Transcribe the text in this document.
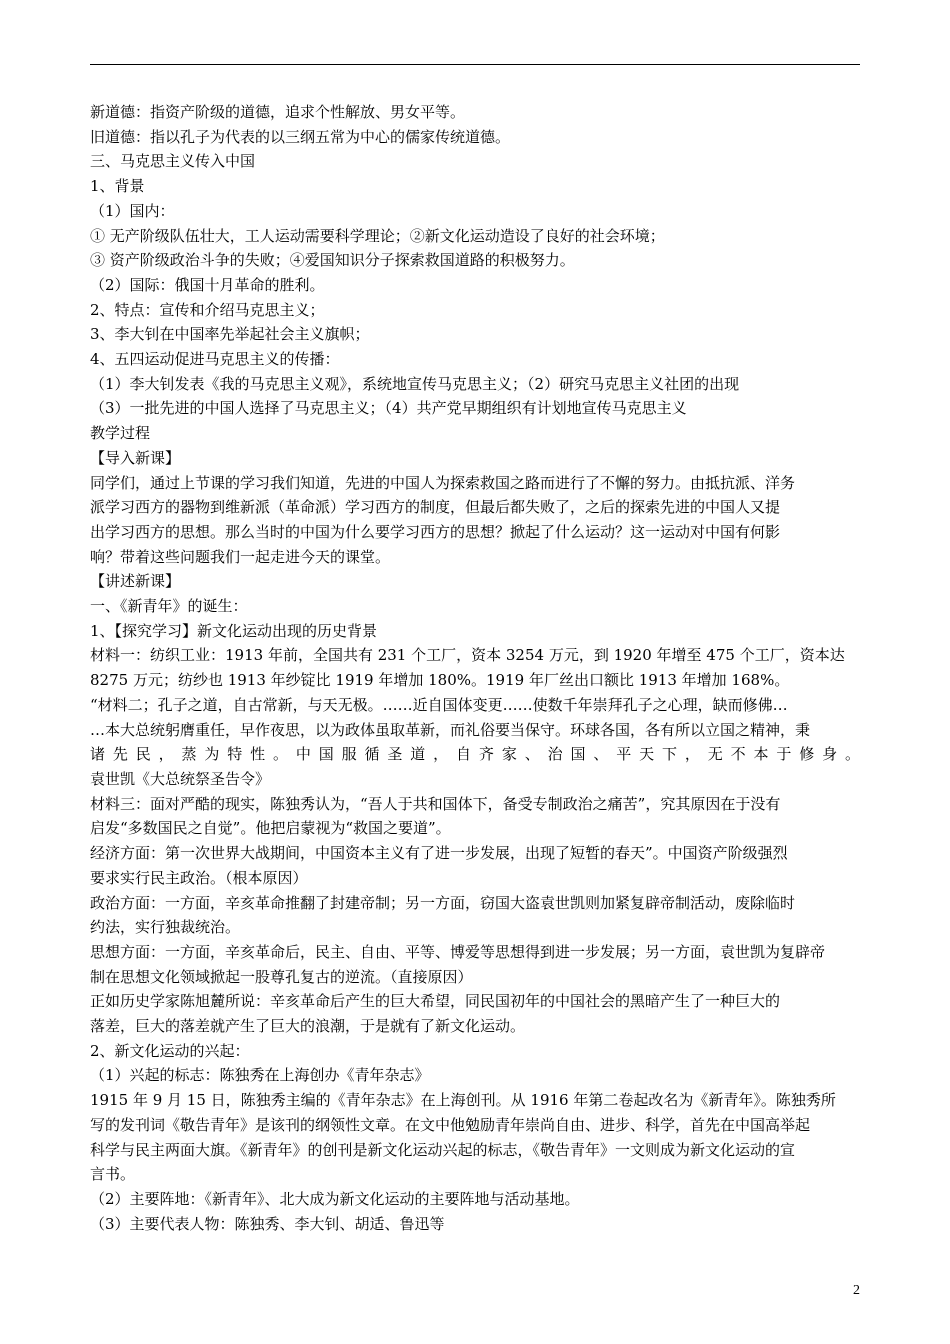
新道德：指资产阶级的道德，追求个性解放、男女平等。

旧道德：指以孔子为代表的以三纲五常为中心的儒家传统道德。

三、马克思主义传入中国

1、背景

（1）国内：

① 无产阶级队伍壮大，工人运动需要科学理论；②新文化运动造设了良好的社会环境；

③ 资产阶级政治斗争的失败；④爱国知识分子探索救国道路的积极努力。

（2）国际：俄国十月革命的胜利。

2、特点：宣传和介绍马克思主义；

3、李大钊在中国率先举起社会主义旗帜；

4、五四运动促进马克思主义的传播：

（1）李大钊发表《我的马克思主义观》，系统地宣传马克思主义；（2）研究马克思主义社团的出现

（3）一批先进的中国人选择了马克思主义；（4）共产党早期组织有计划地宣传马克思主义

教学过程

【导入新课】

同学们，通过上节课的学习我们知道，先进的中国人为探索救国之路而进行了不懈的努力。由抵抗派、洋务

派学习西方的器物到维新派（革命派）学习西方的制度，但最后都失败了，之后的探索先进的中国人又提

出学习西方的思想。那么当时的中国为什么要学习西方的思想？掀起了什么运动？这一运动对中国有何影

响？带着这些问题我们一起走进今天的课堂。

【讲述新课】

一、《新青年》的诞生：

1、【探究学习】新文化运动出现的历史背景

材料一：纺织工业：1913 年前，全国共有 231 个工厂，资本 3254 万元，到 1920 年增至 475 个工厂，资本达

8275 万元；纺纱也 1913 年纱锭比 1919 年增加 180%。1919 年厂丝出口额比 1913 年增加 168%。

“材料二；孔子之道，自古常新，与天无极。……近自国体变更……使数千年崇拜孔子之心理，缺而修佛…

…本大总统躬膺重任，早作夜思，以为政体虽取革新，而礼俗要当保守。环球各国，各有所以立国之精神，秉

诸 先 民 ， 蒸 为 特 性 。 中 国 服 循 圣 道 ， 自 齐 家 、 治 国 、 平 天 下 ， 无 不 本 于 修 身 。

袁世凯《大总统祭圣告令》

材料三：面对严酷的现实，陈独秀认为，“吾人于共和国体下，备受专制政治之痛苦”，究其原因在于没有

启发“多数国民之自觉”。他把启蒙视为“救国之要道”。

经济方面：第一次世界大战期间，中国资本主义有了进一步发展，出现了短暂的春天”。中国资产阶级强烈

要求实行民主政治。（根本原因）

政治方面：一方面，辛亥革命推翻了封建帝制；另一方面，窃国大盗袁世凯则加紧复辟帝制活动，废除临时

约法，实行独裁统治。

思想方面：一方面，辛亥革命后，民主、自由、平等、博爱等思想得到进一步发展；另一方面，袁世凯为复辟帝

制在思想文化领域掀起一股尊孔复古的逆流。（直接原因）

正如历史学家陈旭麓所说：辛亥革命后产生的巨大希望，同民国初年的中国社会的黑暗产生了一种巨大的

落差，巨大的落差就产生了巨大的浪潮，于是就有了新文化运动。

2、新文化运动的兴起：

（1）兴起的标志：陈独秀在上海创办《青年杂志》

1915 年 9 月 15 日，陈独秀主编的《青年杂志》在上海创刊。从 1916 年第二卷起改名为《新青年》。陈独秀所

写的发刊词《敬告青年》是该刊的纲领性文章。在文中他勉励青年崇尚自由、进步、科学，首先在中国高举起

科学与民主两面大旗。《新青年》的创刊是新文化运动兴起的标志，《敬告青年》一文则成为新文化运动的宣

言书。

（2）主要阵地：《新青年》、北大成为新文化运动的主要阵地与活动基地。

（3）主要代表人物：陈独秀、李大钊、胡适、鲁迅等

2
